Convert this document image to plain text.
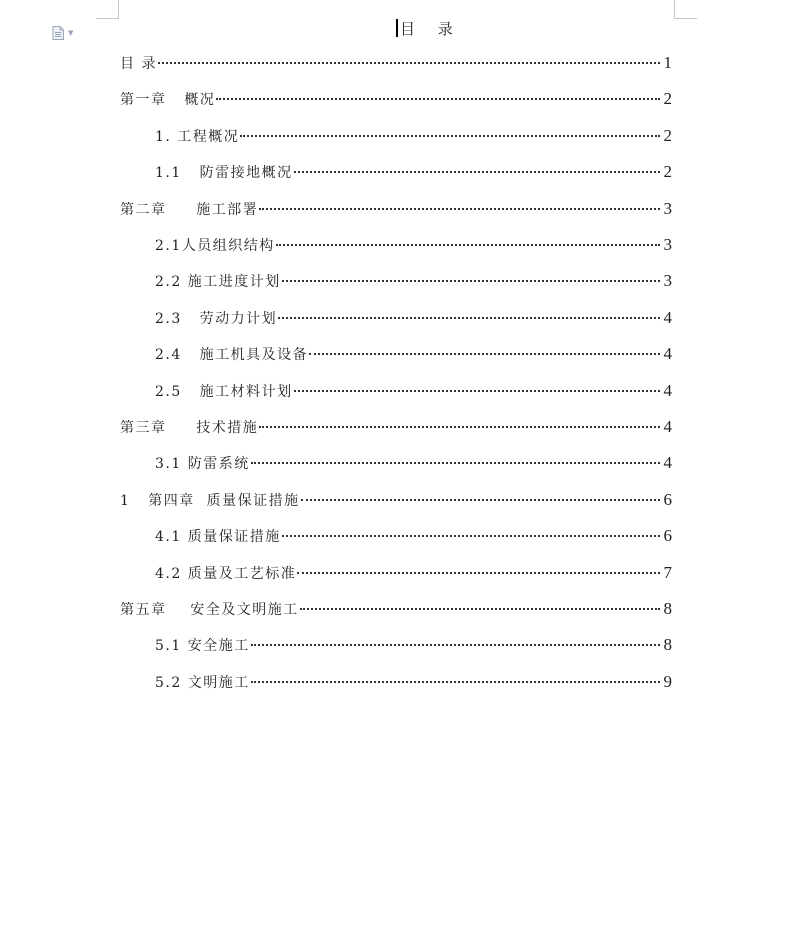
▼	目 录
目 录	1
第一章   概况	2
1. 工程概况	2
1.1   防雷接地概况	2
第二章     施工部署	3
2.1人员组织结构	3
2.2 施工进度计划	3
2.3   劳动力计划	4
2.4   施工机具及设备	4
2.5   施工材料计划	4
第三章     技术措施	4
3.1 防雷系统	4
1   第四章  质量保证措施	6
4.1 质量保证措施	6
4.2 质量及工艺标准	7
第五章    安全及文明施工	8
5.1 安全施工	8
5.2 文明施工	9
